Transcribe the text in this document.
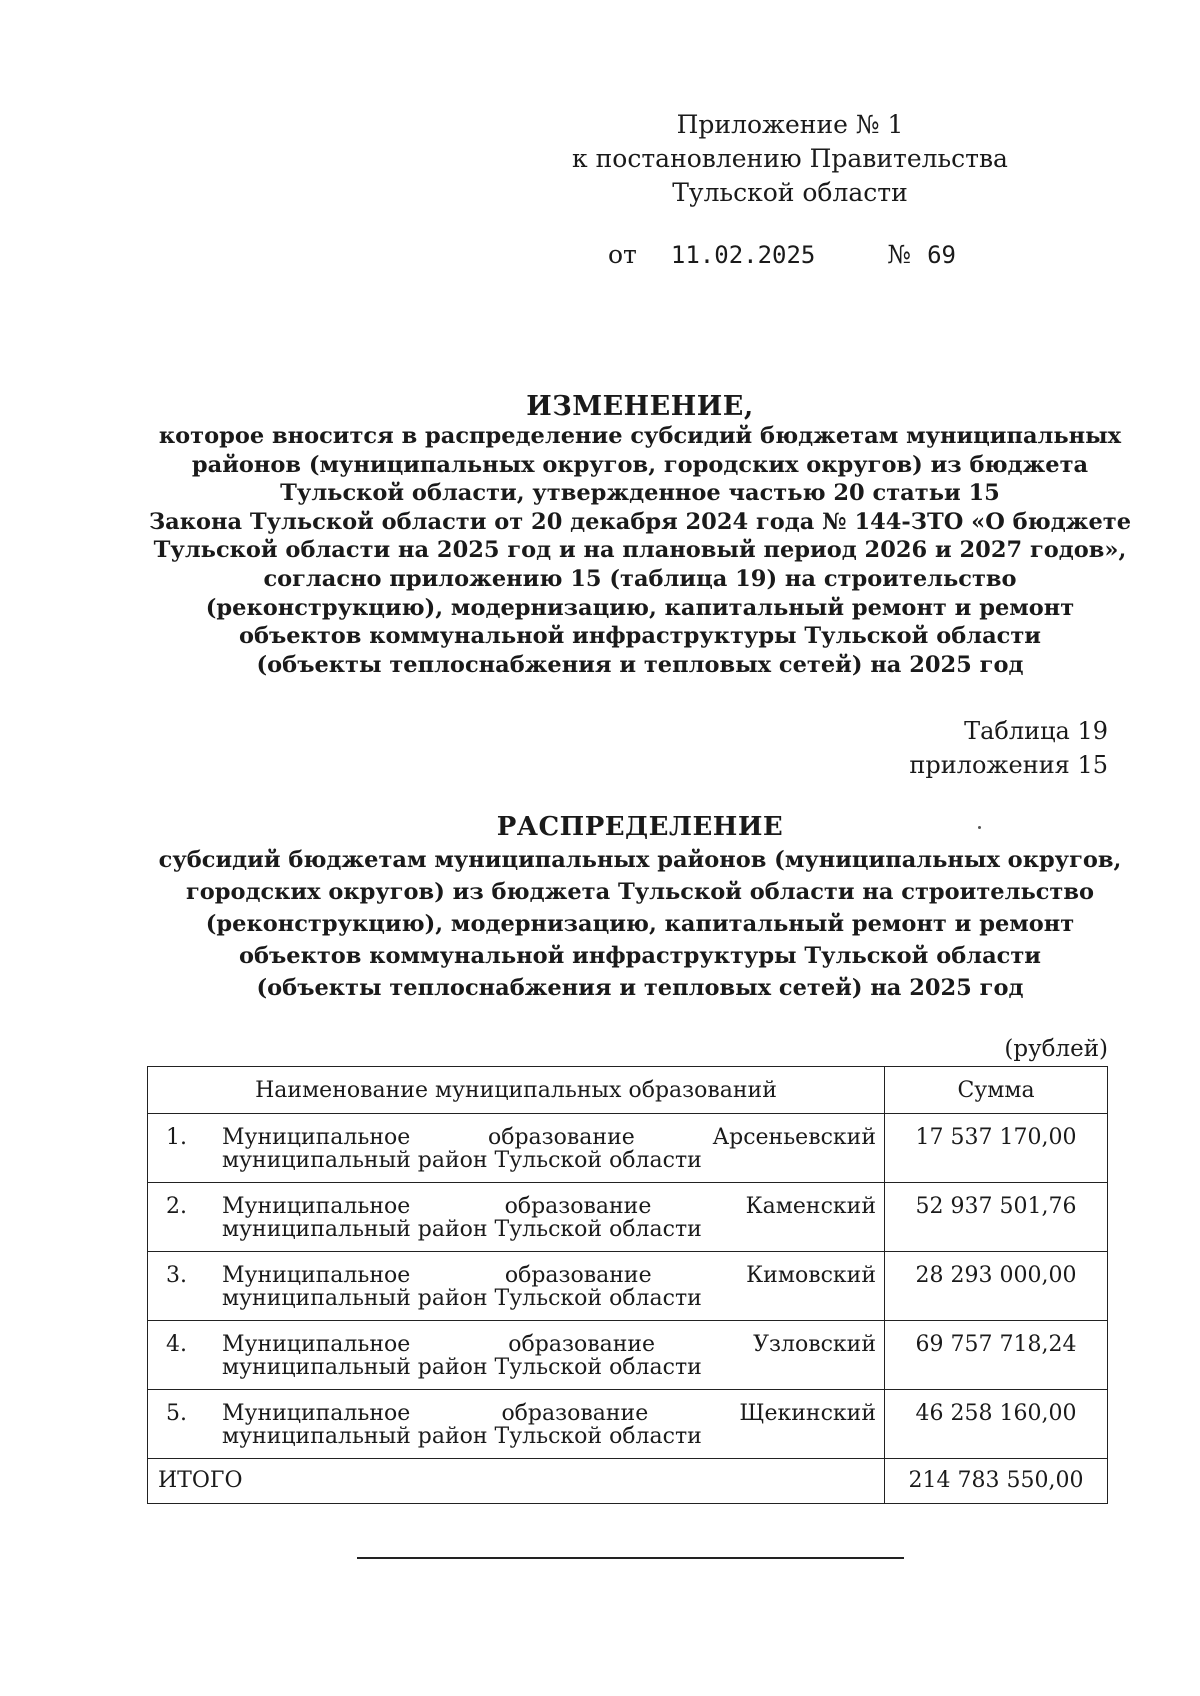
Приложение № 1
к постановлению Правительства
Тульской области
от 11.02.2025	№ 69
ИЗМЕНЕНИЕ,
которое вносится в распределение субсидий бюджетам муниципальных
районов (муниципальных округов, городских округов) из бюджета
Тульской области, утвержденное частью 20 статьи 15
Закона Тульской области от 20 декабря 2024 года № 144-ЗТО «О бюджете
Тульской области на 2025 год и на плановый период 2026 и 2027 годов»,
согласно приложению 15 (таблица 19) на строительство
(реконструкцию), модернизацию, капитальный ремонт и ремонт
объектов коммунальной инфраструктуры Тульской области
(объекты теплоснабжения и тепловых сетей) на 2025 год
Таблица 19
приложения 15
РАСПРЕДЕЛЕНИЕ
субсидий бюджетам муниципальных районов (муниципальных округов,
городских округов) из бюджета Тульской области на строительство
(реконструкцию), модернизацию, капитальный ремонт и ремонт
объектов коммунальной инфраструктуры Тульской области
(объекты теплоснабжения и тепловых сетей) на 2025 год
(рублей)
Наименование муниципальных образований		Сумма
1.	Муниципальное образование Арсеньевский муниципальный район Тульской области	17 537 170,00
2.	Муниципальное образование Каменский муниципальный район Тульской области	52 937 501,76
3.	Муниципальное образование Кимовский муниципальный район Тульской области	28 293 000,00
4.	Муниципальное образование Узловский муниципальный район Тульской области	69 757 718,24
5.	Муниципальное образование Щекинский муниципальный район Тульской области	46 258 160,00
ИТОГО		214 783 550,00
